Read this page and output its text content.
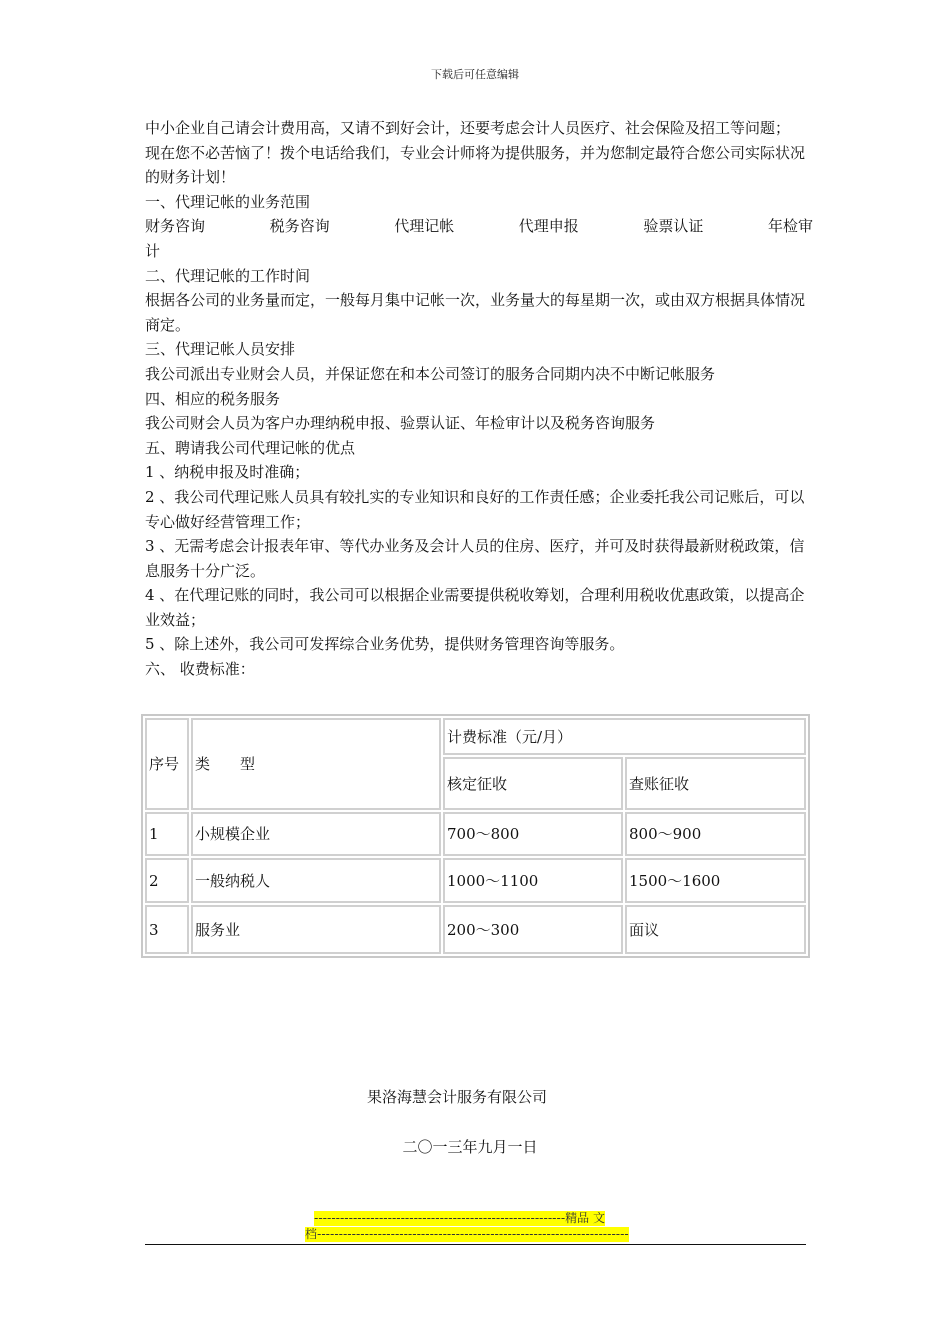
下载后可任意编辑

中小企业自己请会计费用高，又请不到好会计，还要考虑会计人员医疗、社会保险及招工等问题；

现在您不必苦恼了！拨个电话给我们，专业会计师将为提供服务，并为您制定最符合您公司实际状况的财务计划！

一、代理记帐的业务范围

财务咨询	税务咨询	代理记帐	代理申报	验票认证	年检审

计

二、代理记帐的工作时间

根据各公司的业务量而定，一般每月集中记帐一次，业务量大的每星期一次，或由双方根据具体情况商定。

三、代理记帐人员安排

我公司派出专业财会人员，并保证您在和本公司签订的服务合同期内决不中断记帐服务

四、相应的税务服务

我公司财会人员为客户办理纳税申报、验票认证、年检审计以及税务咨询服务

五、聘请我公司代理记帐的优点

1 、纳税申报及时准确；

2 、我公司代理记账人员具有较扎实的专业知识和良好的工作责任感；企业委托我公司记账后，可以专心做好经营管理工作；

3 、无需考虑会计报表年审、等代办业务及会计人员的住房、医疗，并可及时获得最新财税政策，信息服务十分广泛。

4 、在代理记账的同时，我公司可以根据企业需要提供税收筹划，合理利用税收优惠政策，以提高企业效益；

5 、除上述外，我公司可发挥综合业务优势，提供财务管理咨询等服务。

六、 收费标准：

序号	类　　型	计费标准（元/月）	
		核定征收	查账征收
1	小规模企业	700～800	800～900
2	一般纳税人	1000～1100	1500～1600
3	服务业	200～300	面议
果洛海慧会计服务有限公司
二〇一三年九月一日
----------------------------------------------------------精品 文
档------------------------------------------------------------------------
